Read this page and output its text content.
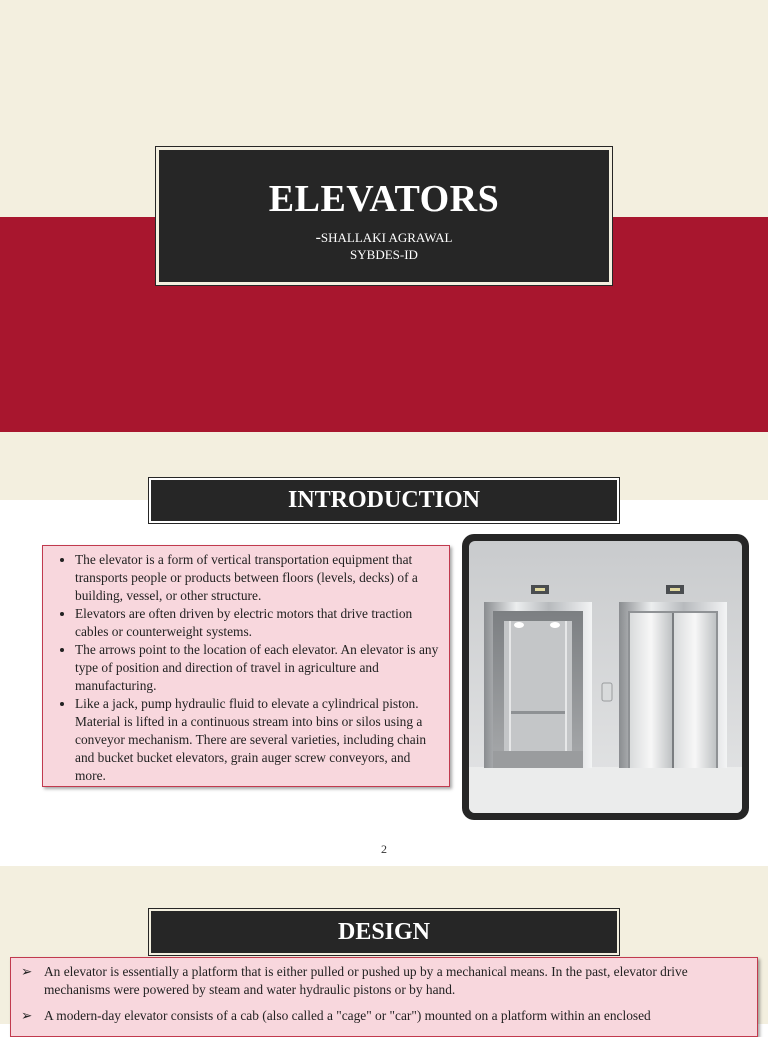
ELEVATORS
-SHALLAKI AGRAWAL
SYBDES-ID
INTRODUCTION
• The elevator is a form of vertical transportation equipment that transports people or products between floors (levels, decks) of a building, vessel, or other structure.
• Elevators are often driven by electric motors that drive traction cables or counterweight systems.
• The arrows point to the location of each elevator. An elevator is any type of position and direction of travel in agriculture and manufacturing.
• Like a jack, pump hydraulic fluid to elevate a cylindrical piston. Material is lifted in a continuous stream into bins or silos using a conveyor mechanism. There are several varieties, including chain and bucket bucket elevators, grain auger screw conveyors, and more.
2
DESIGN

➢ An elevator is essentially a platform that is either pulled or pushed up by a mechanical means. In the past, elevator drive mechanisms were powered by steam and water hydraulic pistons or by hand.

➢ A modern-day elevator consists of a cab (also called a "cage" or "car") mounted on a platform within an enclosed
